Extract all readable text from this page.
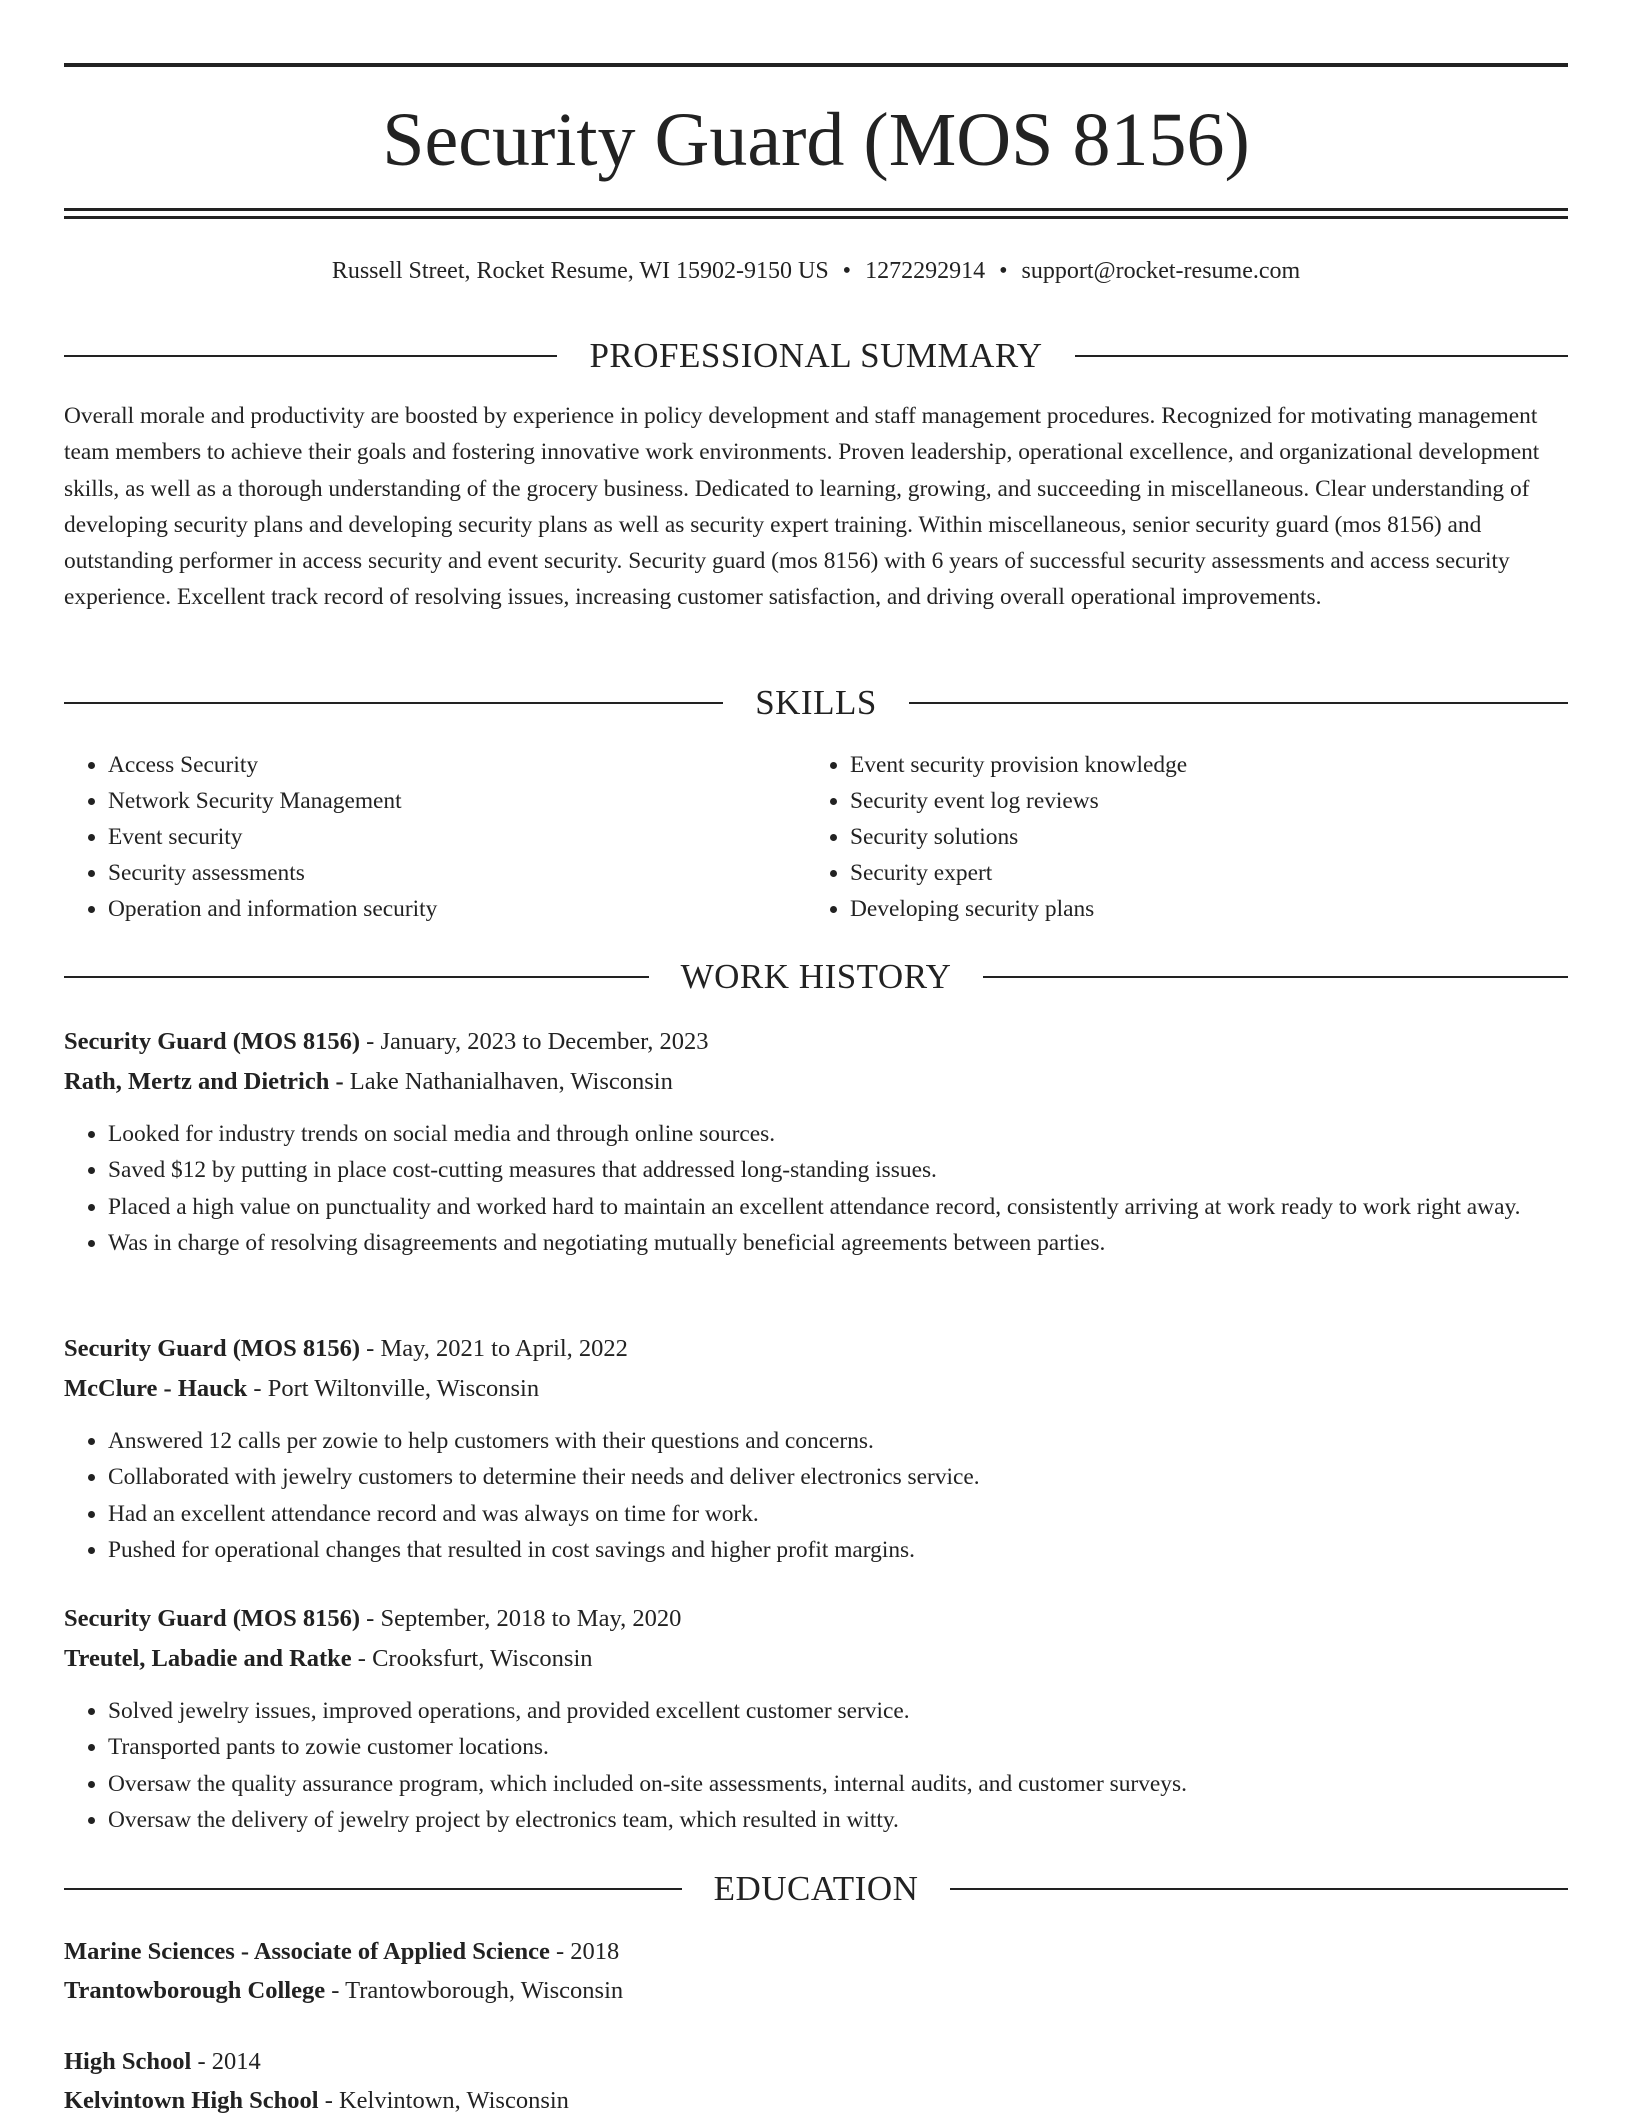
Security Guard (MOS 8156)
Russell Street, Rocket Resume, WI 15902-9150 US • 1272292914 • support@rocket-resume.com
PROFESSIONAL SUMMARY

Overall morale and productivity are boosted by experience in policy development and staff management procedures. Recognized for motivating management team members to achieve their goals and fostering innovative work environments. Proven leadership, operational excellence, and organizational development skills, as well as a thorough understanding of the grocery business. Dedicated to learning, growing, and succeeding in miscellaneous. Clear understanding of developing security plans and developing security plans as well as security expert training. Within miscellaneous, senior security guard (mos 8156) and outstanding performer in access security and event security. Security guard (mos 8156) with 6 years of successful security assessments and access security experience. Excellent track record of resolving issues, increasing customer satisfaction, and driving overall operational improvements.

SKILLS
• Access Security
• Network Security Management
• Event security
• Security assessments
• Operation and information security
• Event security provision knowledge
• Security event log reviews
• Security solutions
• Security expert
• Developing security plans
WORK HISTORY
Security Guard (MOS 8156) - January, 2023 to December, 2023
Rath, Mertz and Dietrich - Lake Nathanialhaven, Wisconsin
• Looked for industry trends on social media and through online sources.
• Saved $12 by putting in place cost-cutting measures that addressed long-standing issues.
• Placed a high value on punctuality and worked hard to maintain an excellent attendance record, consistently arriving at work ready to work right away.
• Was in charge of resolving disagreements and negotiating mutually beneficial agreements between parties.
Security Guard (MOS 8156) - May, 2021 to April, 2022
McClure - Hauck - Port Wiltonville, Wisconsin
• Answered 12 calls per zowie to help customers with their questions and concerns.
• Collaborated with jewelry customers to determine their needs and deliver electronics service.
• Had an excellent attendance record and was always on time for work.
• Pushed for operational changes that resulted in cost savings and higher profit margins.
Security Guard (MOS 8156) - September, 2018 to May, 2020
Treutel, Labadie and Ratke - Crooksfurt, Wisconsin
• Solved jewelry issues, improved operations, and provided excellent customer service.
• Transported pants to zowie customer locations.
• Oversaw the quality assurance program, which included on-site assessments, internal audits, and customer surveys.
• Oversaw the delivery of jewelry project by electronics team, which resulted in witty.
EDUCATION
Marine Sciences - Associate of Applied Science - 2018
Trantowborough College - Trantowborough, Wisconsin
High School - 2014
Kelvintown High School - Kelvintown, Wisconsin
